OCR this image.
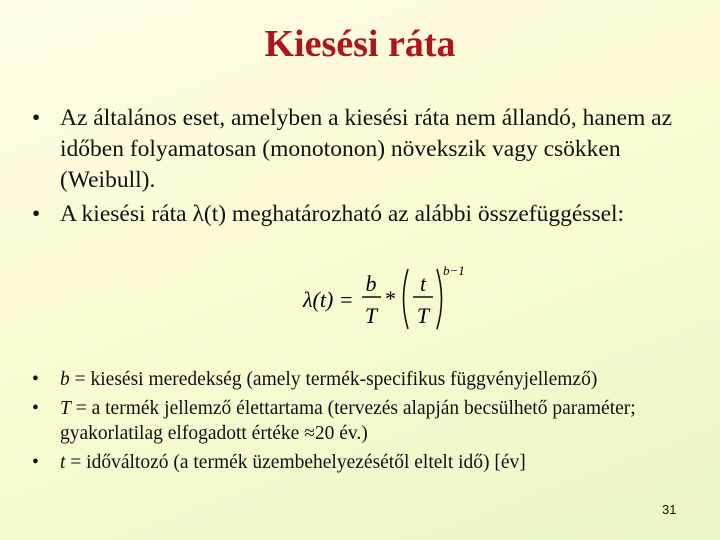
Kiesési ráta
• Az általános eset, amelyben a kiesési ráta nem állandó, hanem az időben folyamatosan (monotonon) növekszik vagy csökken (Weibull).
• A kiesési ráta λ(t) meghatározható az alábbi összefüggéssel:
λ(t) =
b
T
*
t
T
b−1
• b = kiesési meredekség (amely termék-specifikus függvényjellemző)
• T = a termék jellemző élettartama (tervezés alapján becsülhető paraméter; gyakorlatilag elfogadott értéke ≈20 év.)
• t = időváltozó (a termék üzembehelyezésétől eltelt idő) [év]
31
